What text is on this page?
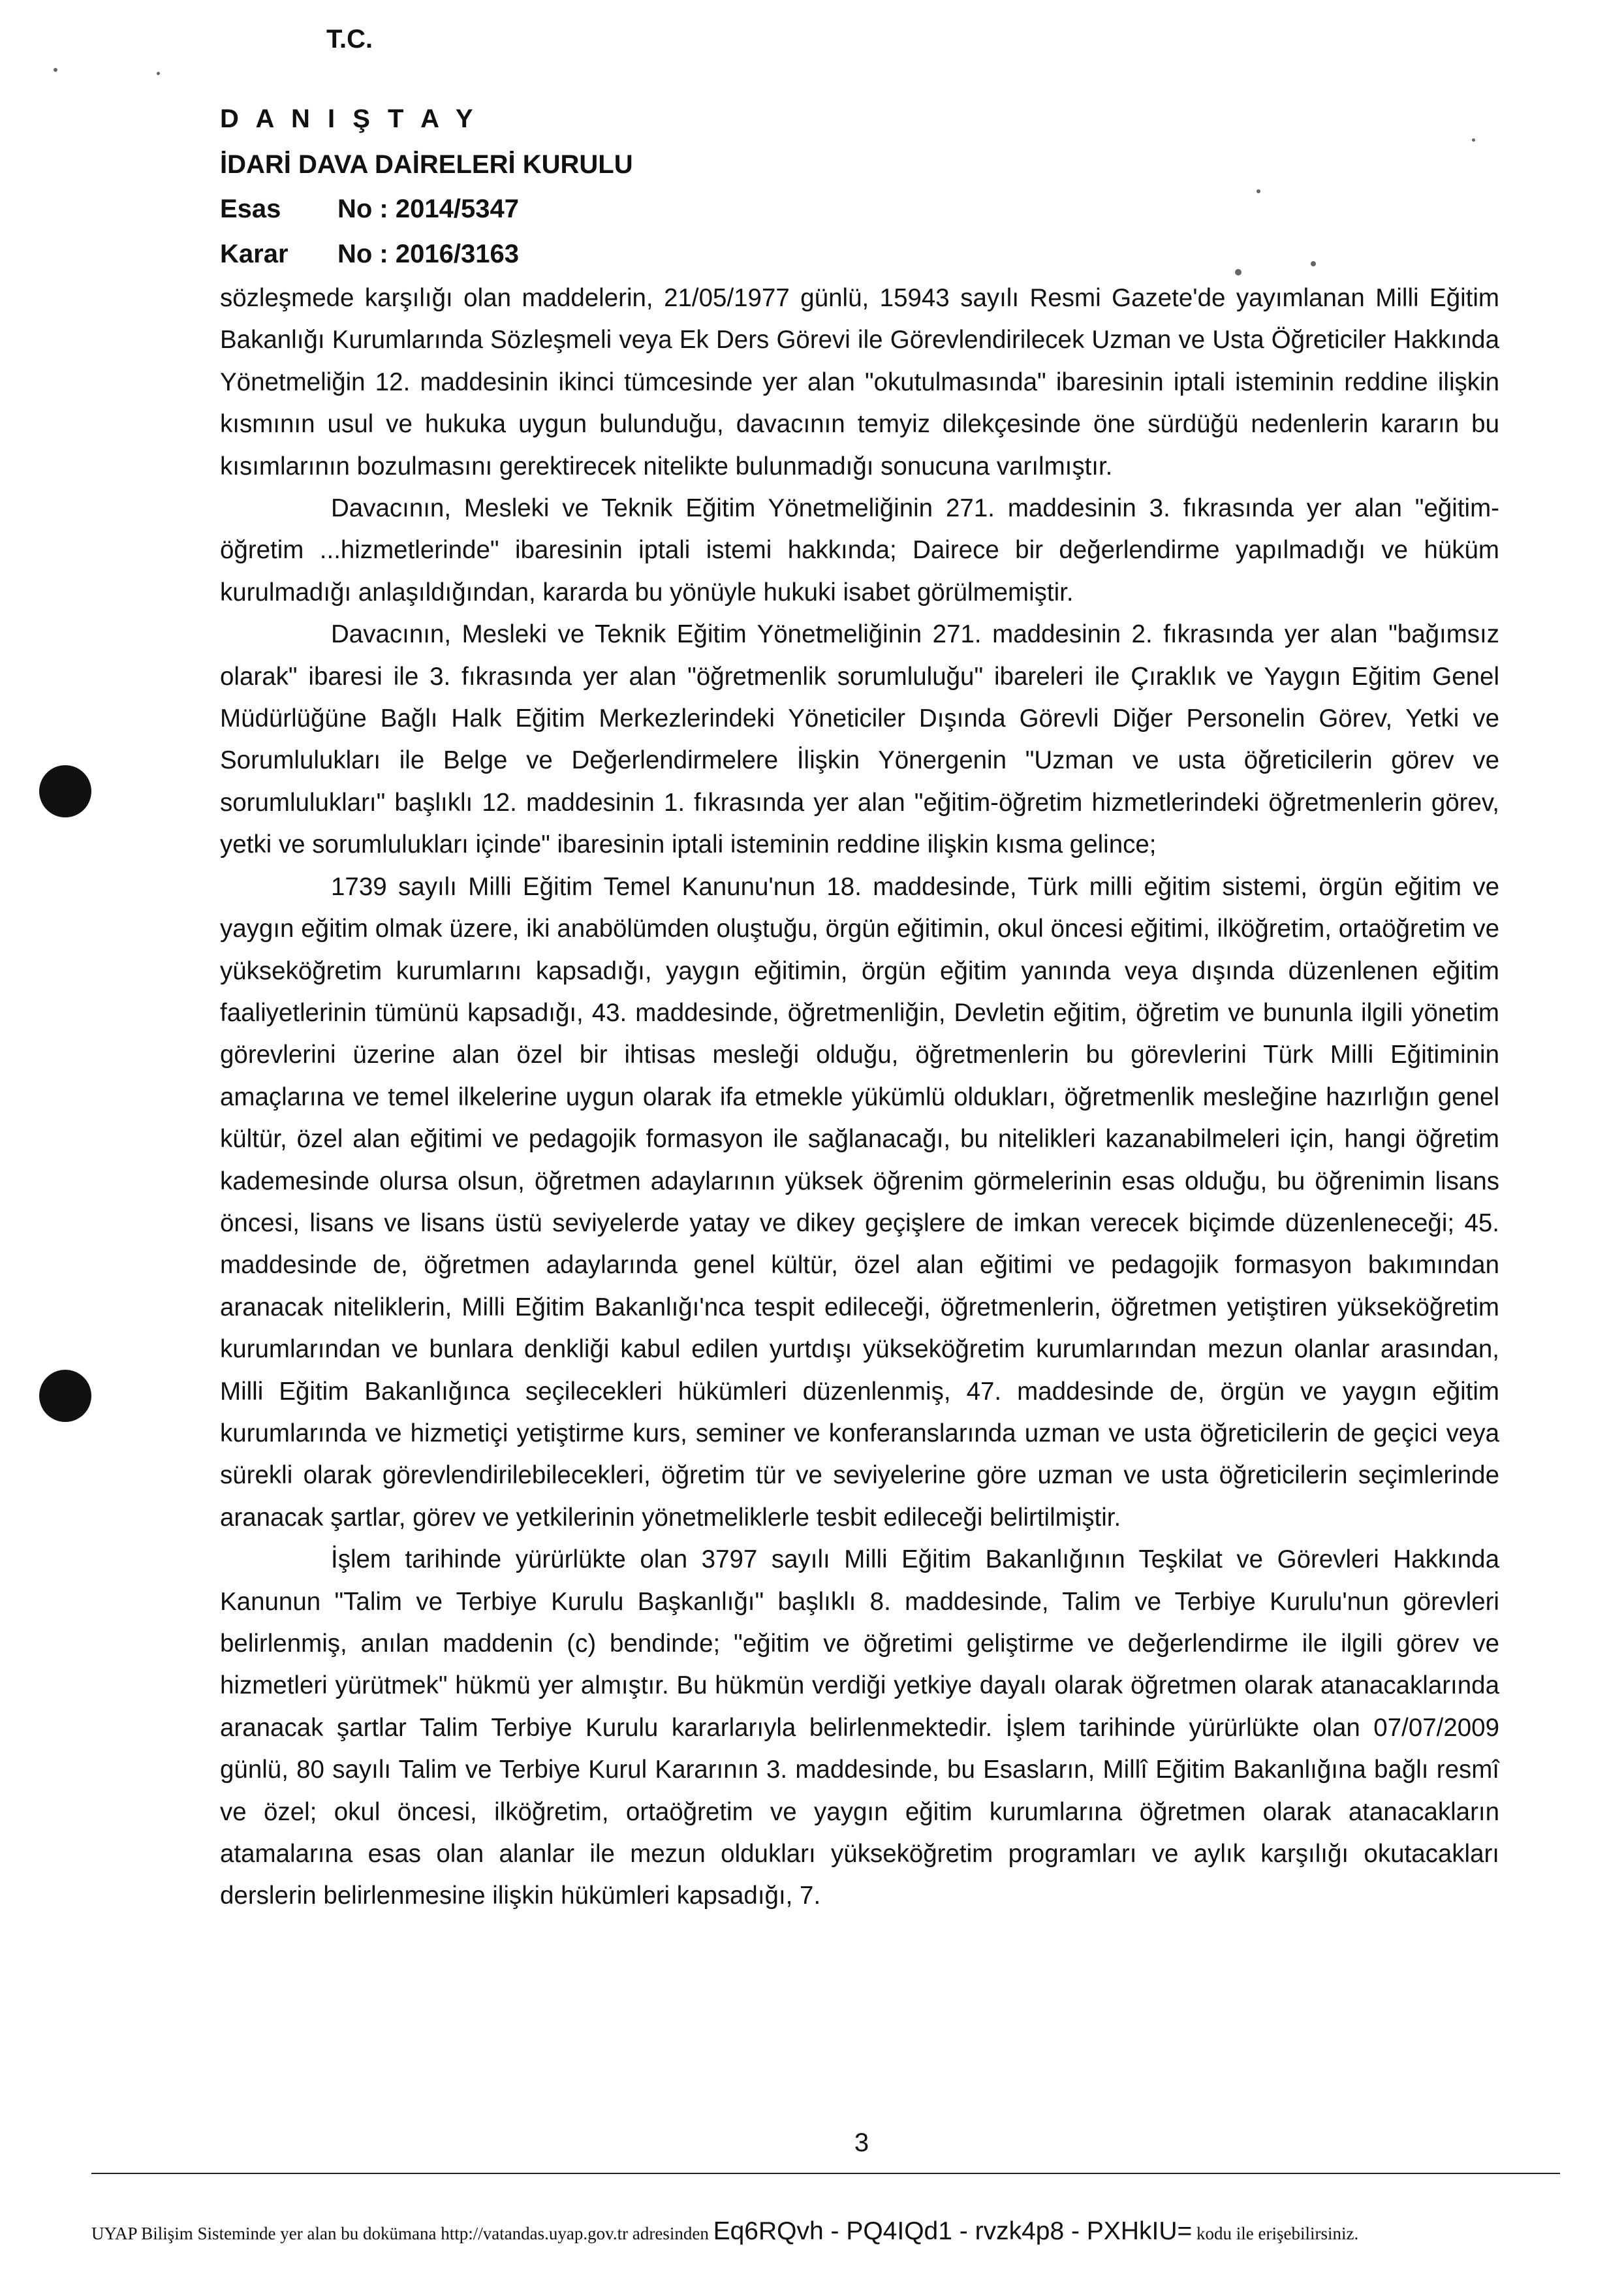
T.C.
D A N I Ş T A Y
İDARİ DAVA DAİRELERİ KURULU
Esas No : 2014/5347
Karar No : 2016/3163

sözleşmede karşılığı olan maddelerin, 21/05/1977 günlü, 15943 sayılı Resmi Gazete'de yayımlanan Milli Eğitim Bakanlığı Kurumlarında Sözleşmeli veya Ek Ders Görevi ile Görevlendirilecek Uzman ve Usta Öğreticiler Hakkında Yönetmeliğin 12. maddesinin ikinci tümcesinde yer alan "okutulmasında" ibaresinin iptali isteminin reddine ilişkin kısmının usul ve hukuka uygun bulunduğu, davacının temyiz dilekçesinde öne sürdüğü nedenlerin kararın bu kısımlarının bozulmasını gerektirecek nitelikte bulunmadığı sonucuna varılmıştır.

Davacının, Mesleki ve Teknik Eğitim Yönetmeliğinin 271. maddesinin 3. fıkrasında yer alan "eğitim-öğretim ...hizmetlerinde" ibaresinin iptali istemi hakkında; Dairece bir değerlendirme yapılmadığı ve hüküm kurulmadığı anlaşıldığından, kararda bu yönüyle hukuki isabet görülmemiştir.

Davacının, Mesleki ve Teknik Eğitim Yönetmeliğinin 271. maddesinin 2. fıkrasında yer alan "bağımsız olarak" ibaresi ile 3. fıkrasında yer alan "öğretmenlik sorumluluğu" ibareleri ile Çıraklık ve Yaygın Eğitim Genel Müdürlüğüne Bağlı Halk Eğitim Merkezlerindeki Yöneticiler Dışında Görevli Diğer Personelin Görev, Yetki ve Sorumlulukları ile Belge ve Değerlendirmelere İlişkin Yönergenin "Uzman ve usta öğreticilerin görev ve sorumlulukları" başlıklı 12. maddesinin 1. fıkrasında yer alan "eğitim-öğretim hizmetlerindeki öğretmenlerin görev, yetki ve sorumlulukları içinde" ibaresinin iptali isteminin reddine ilişkin kısma gelince;

1739 sayılı Milli Eğitim Temel Kanunu'nun 18. maddesinde, Türk milli eğitim sistemi, örgün eğitim ve yaygın eğitim olmak üzere, iki anabölümden oluştuğu, örgün eğitimin, okul öncesi eğitimi, ilköğretim, ortaöğretim ve yükseköğretim kurumlarını kapsadığı, yaygın eğitimin, örgün eğitim yanında veya dışında düzenlenen eğitim faaliyetlerinin tümünü kapsadığı, 43. maddesinde, öğretmenliğin, Devletin eğitim, öğretim ve bununla ilgili yönetim görevlerini üzerine alan özel bir ihtisas mesleği olduğu, öğretmenlerin bu görevlerini Türk Milli Eğitiminin amaçlarına ve temel ilkelerine uygun olarak ifa etmekle yükümlü oldukları, öğretmenlik mesleğine hazırlığın genel kültür, özel alan eğitimi ve pedagojik formasyon ile sağlanacağı, bu nitelikleri kazanabilmeleri için, hangi öğretim kademesinde olursa olsun, öğretmen adaylarının yüksek öğrenim görmelerinin esas olduğu, bu öğrenimin lisans öncesi, lisans ve lisans üstü seviyelerde yatay ve dikey geçişlere de imkan verecek biçimde düzenleneceği; 45. maddesinde de, öğretmen adaylarında genel kültür, özel alan eğitimi ve pedagojik formasyon bakımından aranacak niteliklerin, Milli Eğitim Bakanlığı'nca tespit edileceği, öğretmenlerin, öğretmen yetiştiren yükseköğretim kurumlarından ve bunlara denkliği kabul edilen yurtdışı yükseköğretim kurumlarından mezun olanlar arasından, Milli Eğitim Bakanlığınca seçilecekleri hükümleri düzenlenmiş, 47. maddesinde de, örgün ve yaygın eğitim kurumlarında ve hizmetiçi yetiştirme kurs, seminer ve konferanslarında uzman ve usta öğreticilerin de geçici veya sürekli olarak görevlendirilebilecekleri, öğretim tür ve seviyelerine göre uzman ve usta öğreticilerin seçimlerinde aranacak şartlar, görev ve yetkilerinin yönetmeliklerle tesbit edileceği belirtilmiştir.

İşlem tarihinde yürürlükte olan 3797 sayılı Milli Eğitim Bakanlığının Teşkilat ve Görevleri Hakkında Kanunun "Talim ve Terbiye Kurulu Başkanlığı" başlıklı 8. maddesinde, Talim ve Terbiye Kurulu'nun görevleri belirlenmiş, anılan maddenin (c) bendinde; "eğitim ve öğretimi geliştirme ve değerlendirme ile ilgili görev ve hizmetleri yürütmek" hükmü yer almıştır. Bu hükmün verdiği yetkiye dayalı olarak öğretmen olarak atanacaklarında aranacak şartlar Talim Terbiye Kurulu kararlarıyla belirlenmektedir. İşlem tarihinde yürürlükte olan 07/07/2009 günlü, 80 sayılı Talim ve Terbiye Kurul Kararının 3. maddesinde, bu Esasların, Millî Eğitim Bakanlığına bağlı resmî ve özel; okul öncesi, ilköğretim, ortaöğretim ve yaygın eğitim kurumlarına öğretmen olarak atanacakların atamalarına esas olan alanlar ile mezun oldukları yükseköğretim programları ve aylık karşılığı okutacakları derslerin belirlenmesine ilişkin hükümleri kapsadığı, 7.

3
UYAP Bilişim Sisteminde yer alan bu dokümana http://vatandas.uyap.gov.tr adresinden Eq6RQvh - PQ4IQd1 - rvzk4p8 - PXHkIU= kodu ile erişebilirsiniz.
